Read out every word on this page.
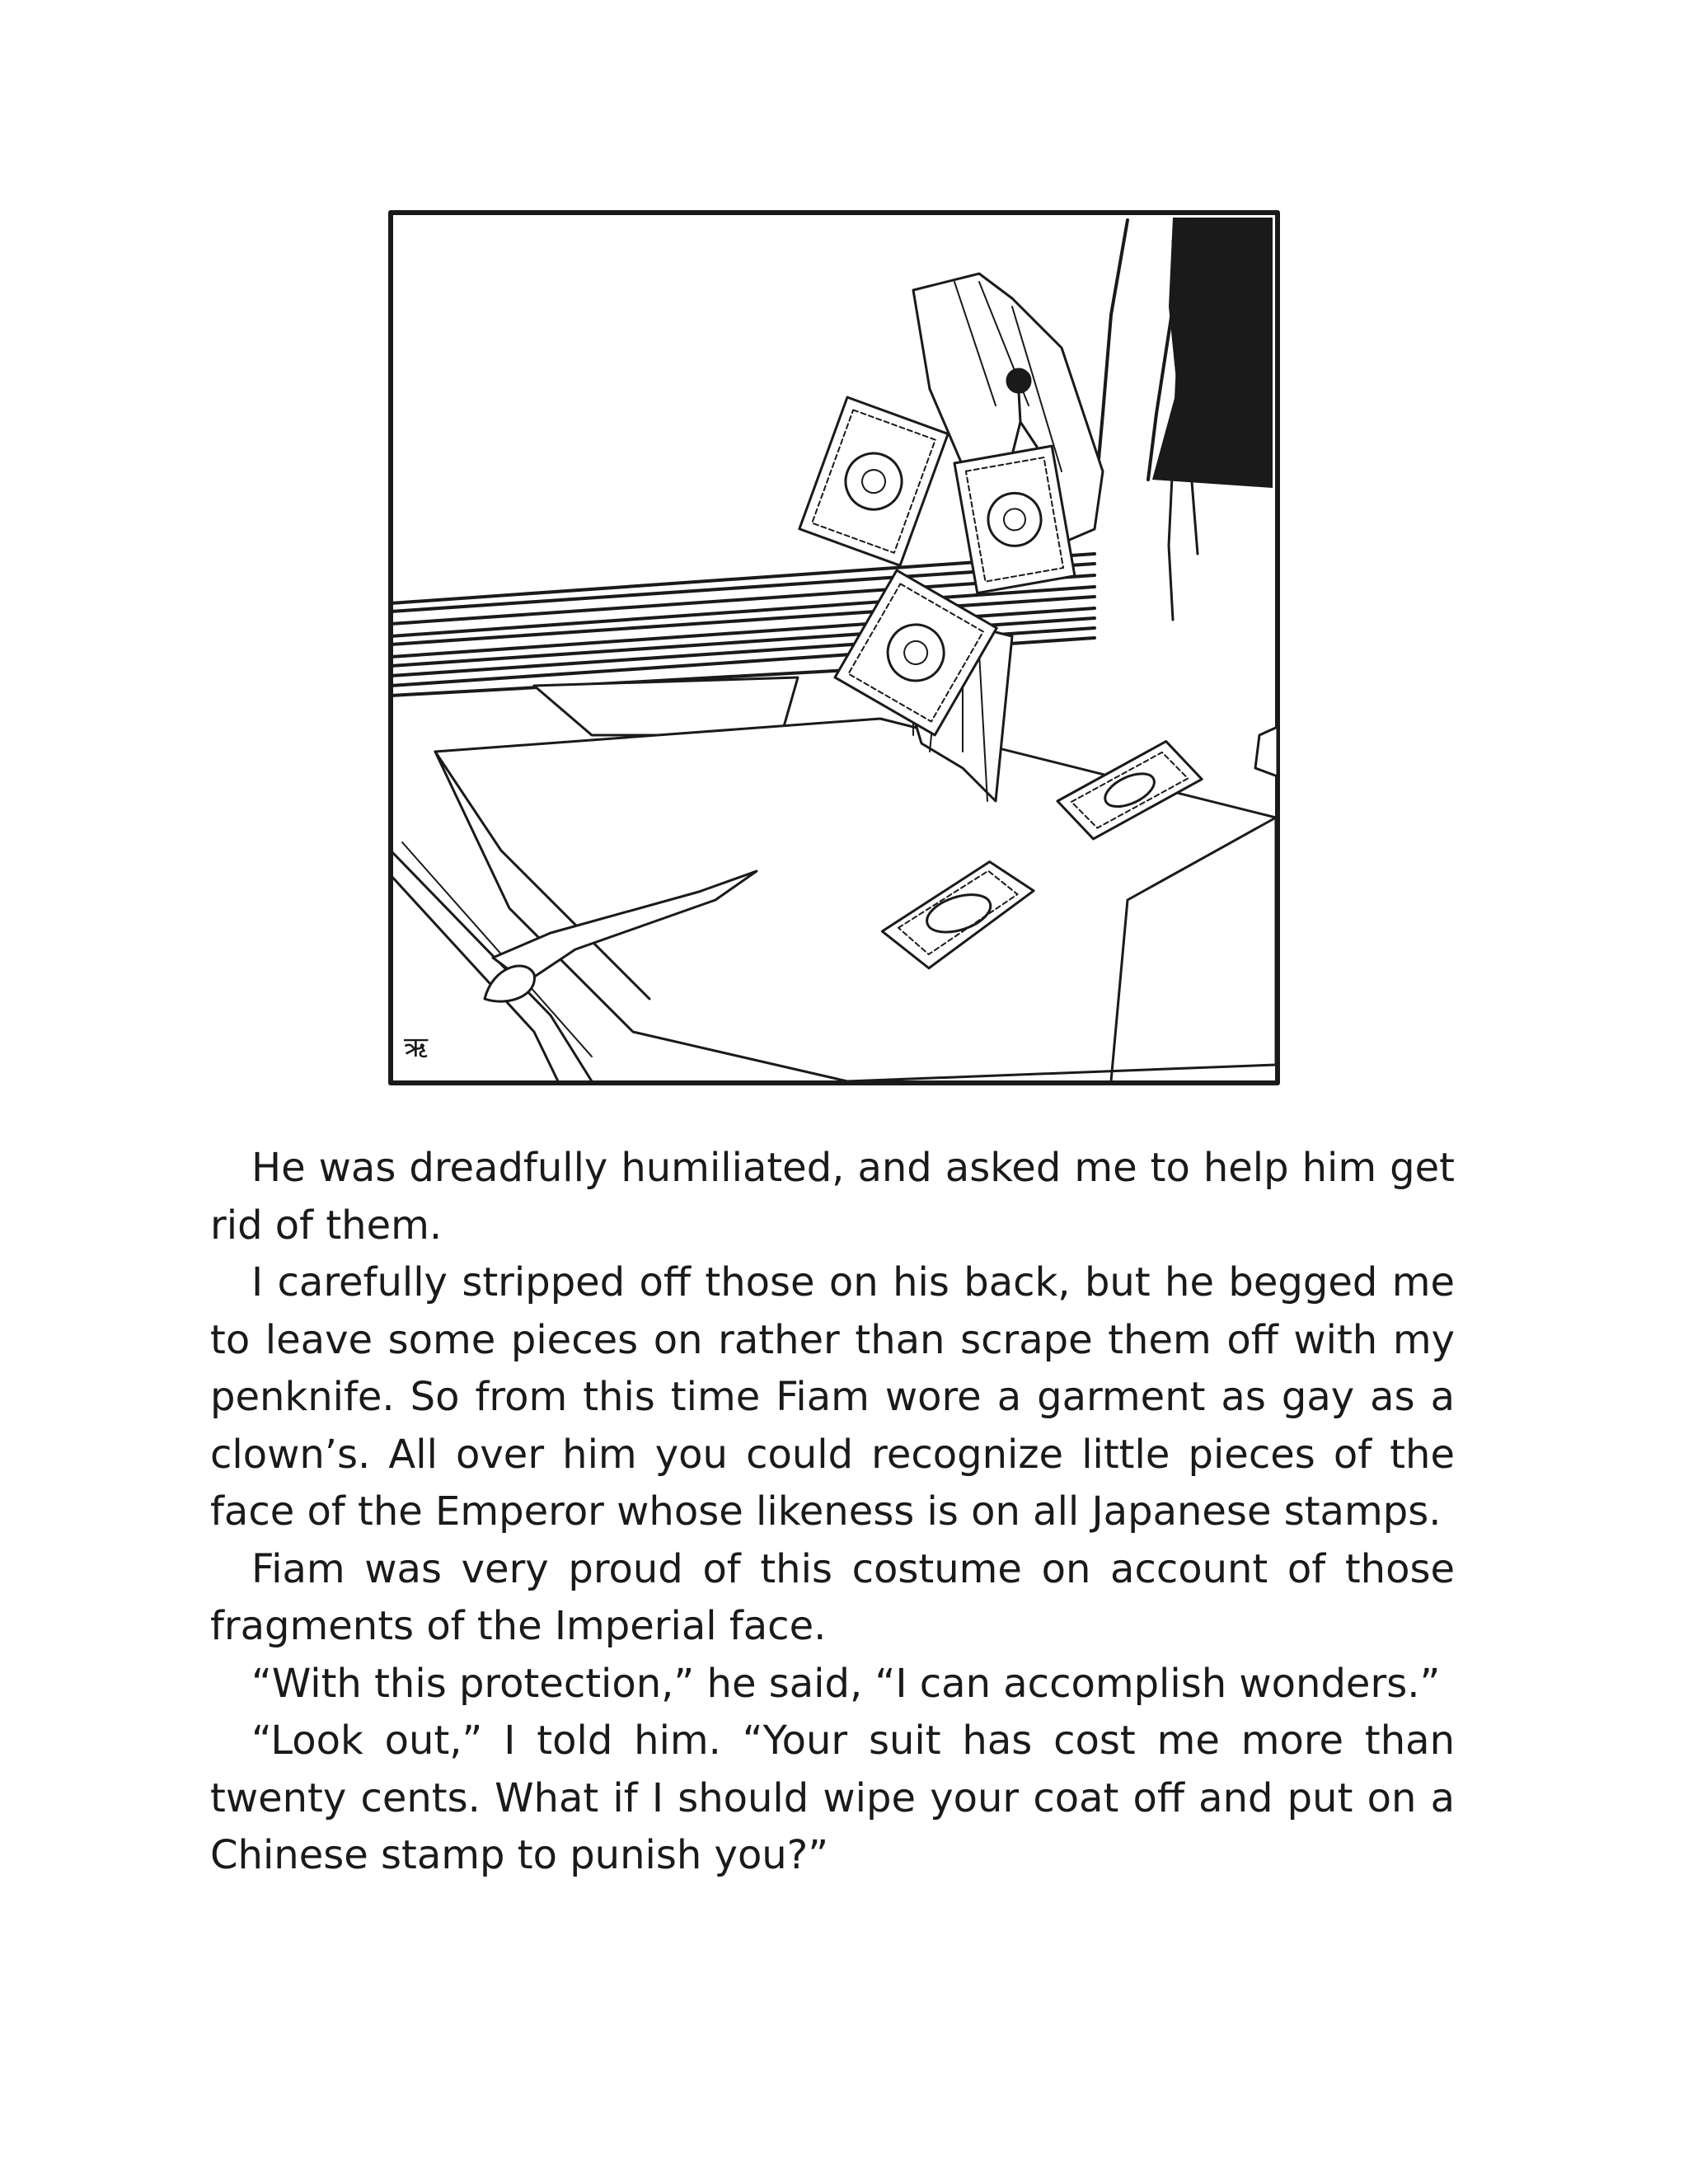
ऋ

He was dreadfully humiliated, and asked me to help him get rid of them.

I carefully stripped off those on his back, but he begged me to leave some pieces on rather than scrape them off with my penknife. So from this time Fiam wore a garment as gay as a clown’s. All over him you could recognize little pieces of the face of the Emperor whose likeness is on all Japanese stamps.

Fiam was very proud of this costume on account of those fragments of the Imperial face.

“With this protection,” he said, “I can accomplish wonders.”

“Look out,” I told him. “Your suit has cost me more than twenty cents. What if I should wipe your coat off and put on a Chinese stamp to punish you?”
